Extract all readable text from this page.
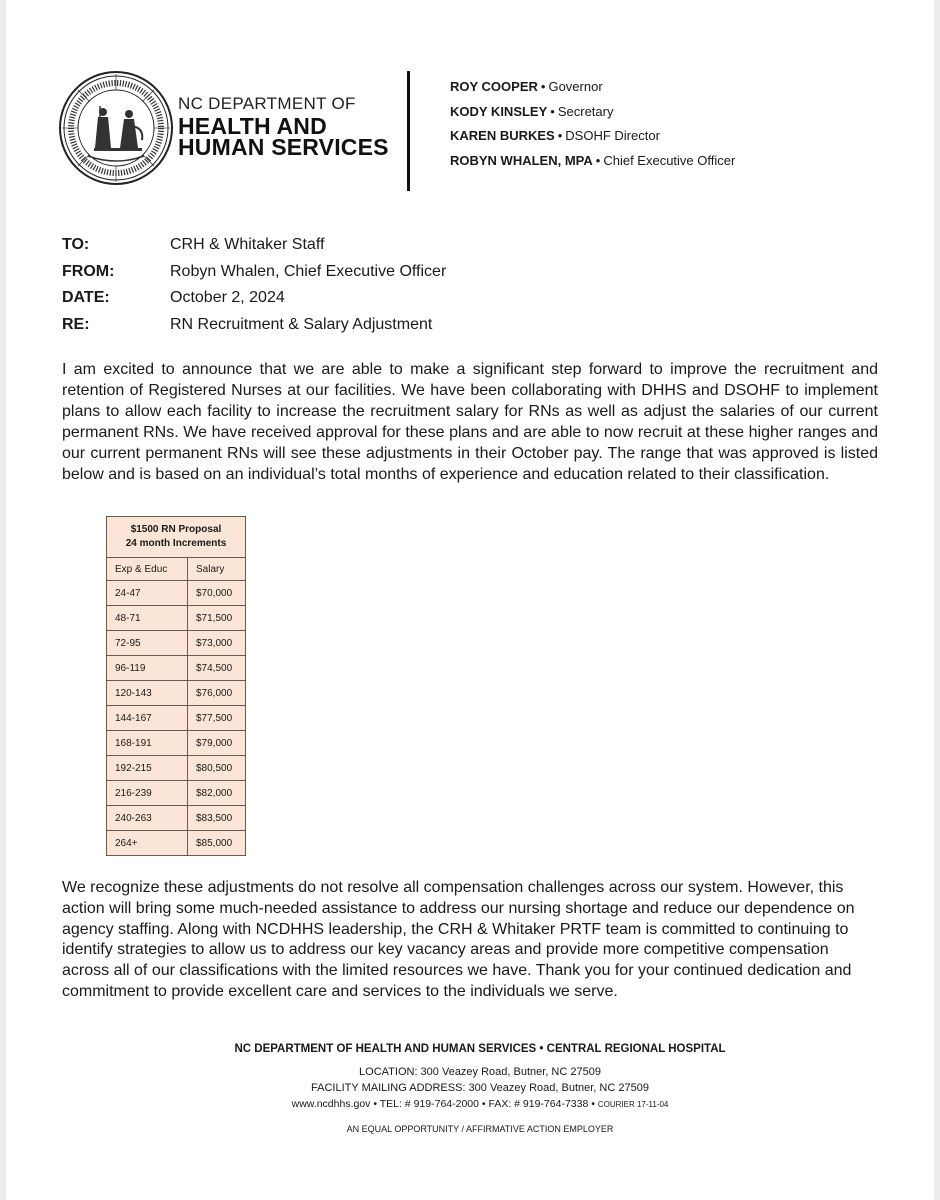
NC DEPARTMENT OF
HEALTH AND
HUMAN SERVICES
ROY COOPER • Governor
KODY KINSLEY • Secretary
KAREN BURKES • DSOHF Director
ROBYN WHALEN, MPA • Chief Executive Officer
TO:	CRH & Whitaker Staff
FROM:	Robyn Whalen, Chief Executive Officer
DATE:	October 2, 2024
RE:	RN Recruitment & Salary Adjustment
I am excited to announce that we are able to make a significant step forward to improve the recruitment and retention of Registered Nurses at our facilities. We have been collaborating with DHHS and DSOHF to implement plans to allow each facility to increase the recruitment salary for RNs as well as adjust the salaries of our current permanent RNs. We have received approval for these plans and are able to now recruit at these higher ranges and our current permanent RNs will see these adjustments in their October pay. The range that was approved is listed below and is based on an individual’s total months of experience and education related to their classification.
$1500 RN Proposal
24 month Increments	

Exp & Educ	Salary
24-47	$70,000
48-71	$71,500
72-95	$73,000
96-119	$74,500
120-143	$76,000
144-167	$77,500
168-191	$79,000
192-215	$80,500
216-239	$82,000
240-263	$83,500
264+	$85,000
We recognize these adjustments do not resolve all compensation challenges across our system. However, this action will bring some much-needed assistance to address our nursing shortage and reduce our dependence on agency staffing. Along with NCDHHS leadership, the CRH & Whitaker PRTF team is committed to continuing to identify strategies to allow us to address our key vacancy areas and provide more competitive compensation across all of our classifications with the limited resources we have. Thank you for your continued dedication and commitment to provide excellent care and services to the individuals we serve.
NC DEPARTMENT OF HEALTH AND HUMAN SERVICES • CENTRAL REGIONAL HOSPITAL
LOCATION: 300 Veazey Road, Butner, NC 27509
FACILITY MAILING ADDRESS: 300 Veazey Road, Butner, NC 27509
www.ncdhhs.gov • TEL: # 919-764-2000 • FAX: # 919-764-7338 • COURIER 17-11-04
AN EQUAL OPPORTUNITY / AFFIRMATIVE ACTION EMPLOYER
